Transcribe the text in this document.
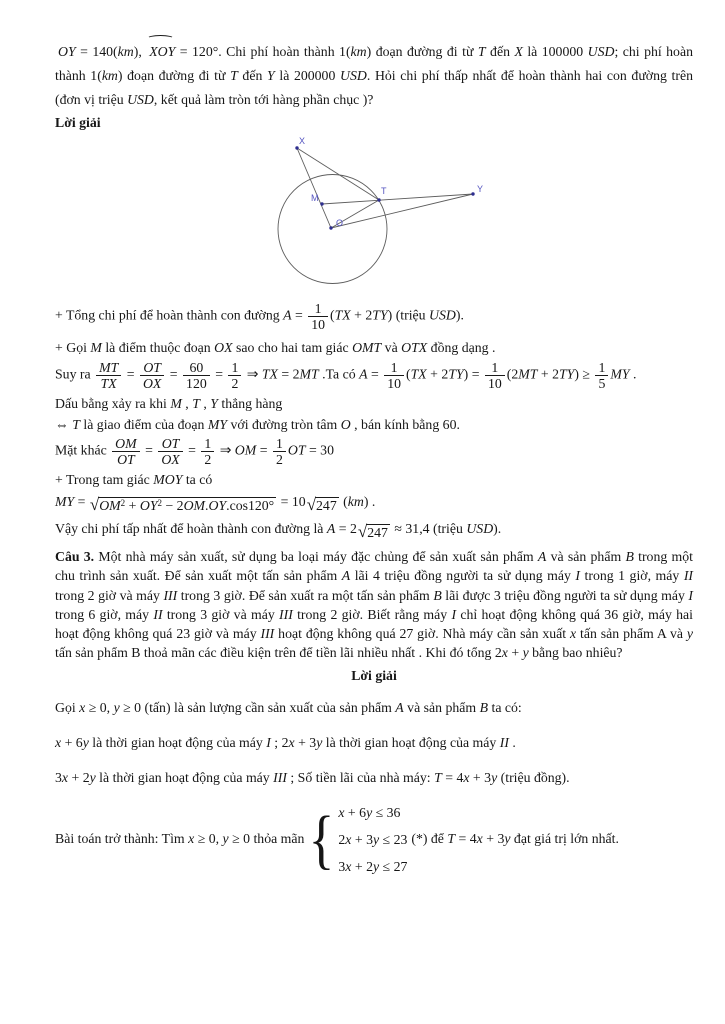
OY = 140(km), XOY = 120°. Chi phí hoàn thành 1(km) đoạn đường đi từ T đến X là 100000 USD; chi phí hoàn thành 1(km) đoạn đường đi từ T đến Y là 200000 USD. Hỏi chi phí thấp nhất để hoàn thành hai con đường trên (đơn vị triệu USD, kết quả làm tròn tới hàng phần chục )?

Lời giải

X
Y
M
T
O
+ Tổng chi phí để hoàn thành con đường $A = \frac{1}{10} (TX + 2TY)$ (triệu USD).
+ Gọi M là điểm thuộc đoạn OX sao cho hai tam giác OMT và OTX đồng dạng .
Suy ra $\frac{MT}{TX} = \frac{OT}{OX} = \frac{60}{120} = \frac{1}{2}$ ⇒ TX = 2MT .Ta có $A = \frac{1}{10} (TX + 2TY) = \frac{1}{10} (2MT + 2TY) \ge \frac{1}{5}$ MY .
Dấu bằng xảy ra khi M , T , Y thẳng hàng
⇔ T là giao điểm của đoạn MY với đường tròn tâm O , bán kính bằng 60.
Mặt khác $\frac{OM}{OT} = \frac{OT}{OX} = \frac{1}{2}$ ⇒ OM = $\frac{1}{2}$ OT = 30
+ Trong tam giác MOY ta có
MY = √ $OM^2 + OY^2 - 2OM.OY.\cos 120^\circ = 10$ √ 247 (km) .
Vậy chi phí tấp nhất để hoàn thành con đường là A = 2 √ 247 ≈ 31,4 (triệu USD).

Câu 3. Một nhà máy sản xuất, sử dụng ba loại máy đặc chủng để sản xuất sản phẩm A và sản phẩm B trong một chu trình sản xuất. Để sản xuất một tấn sản phẩm A lãi 4 triệu đồng người ta sử dụng máy I trong 1 giờ, máy II trong 2 giờ và máy III trong 3 giờ. Để sản xuất ra một tấn sản phẩm B lãi được 3 triệu đồng người ta sử dụng máy I trong 6 giờ, máy II trong 3 giờ và máy III trong 2 giờ. Biết rằng máy I chỉ hoạt động không quá 36 giờ, máy hai hoạt động không quá 23 giờ và máy III hoạt động không quá 27 giờ. Nhà máy cần sản xuất x tấn sản phẩm A và y tấn sản phẩm B thoả mãn các điều kiện trên để tiền lãi nhiều nhất . Khi đó tổng 2x + y bằng bao nhiêu?

Lời giải

Gọi x ≥ 0, y ≥ 0 (tấn) là sản lượng cần sản xuất của sản phẩm A và sản phẩm B ta có:
x + 6y là thời gian hoạt động của máy I ; 2x + 3y là thời gian hoạt động của máy II .
3x + 2y là thời gian hoạt động của máy III ; Số tiền lãi của nhà máy: T = 4x + 3y (triệu đồng).
Bài toán trở thành: Tìm x ≥ 0, y ≥ 0 thỏa mãn { x + 6y ≤ 36
2x + 3y ≤ 23
3x + 2y ≤ 27
(*) để T = 4x + 3y đạt giá trị lớn nhất.
